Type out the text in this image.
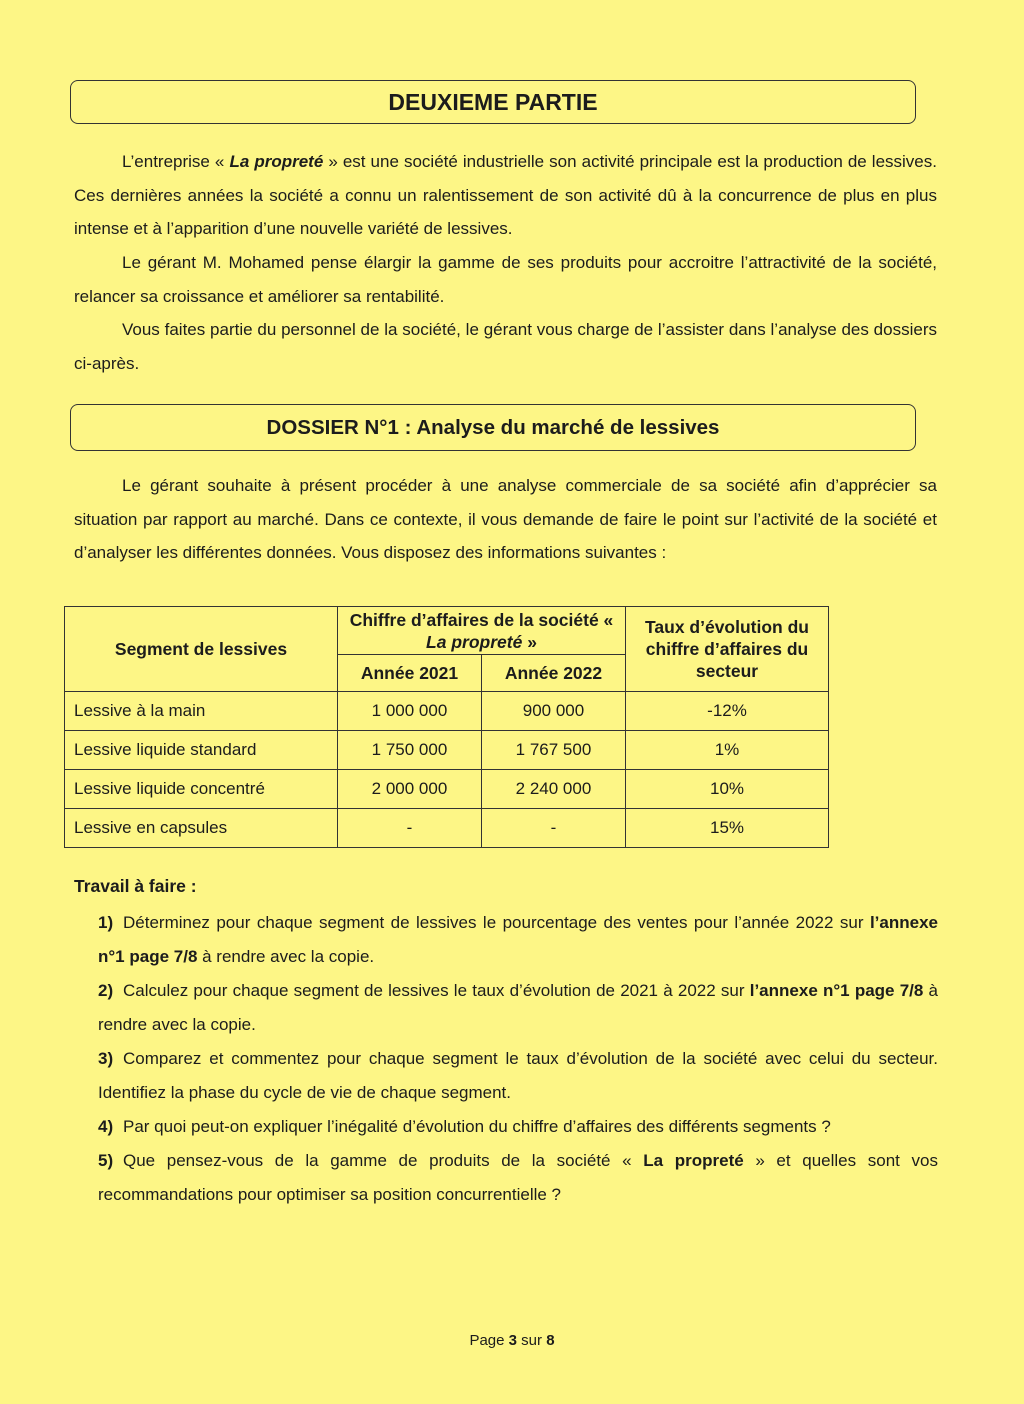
DEUXIEME PARTIE

L’entreprise « La propreté » est une société industrielle son activité principale est la production de lessives. Ces dernières années la société a connu un ralentissement de son activité dû à la concurrence de plus en plus intense et à l’apparition d’une nouvelle variété de lessives.

Le gérant M. Mohamed pense élargir la gamme de ses produits pour accroitre l’attractivité de la société, relancer sa croissance et améliorer sa rentabilité.

Vous faites partie du personnel de la société, le gérant vous charge de l’assister dans l’analyse des dossiers ci-après.

DOSSIER N°1 : Analyse du marché de lessives

Le gérant souhaite à présent procéder à une analyse commerciale de sa société afin d’apprécier sa situation par rapport au marché. Dans ce contexte, il vous demande de faire le point sur l’activité de la société et d’analyser les différentes données. Vous disposez des informations suivantes :

Segment de lessives	Chiffre d’affaires de la société « La propreté »		Taux d’évolution du chiffre d’affaires du secteur
	Année 2021	Année 2022	
Lessive à la main	1 000 000	900 000	-12%
Lessive liquide standard	1 750 000	1 767 500	1%
Lessive liquide concentré	2 000 000	2 240 000	10%
Lessive en capsules	-	-	15%
Travail à faire :

1) Déterminez pour chaque segment de lessives le pourcentage des ventes pour l’année 2022 sur l’annexe n°1 page 7/8 à rendre avec la copie.

2) Calculez pour chaque segment de lessives le taux d’évolution de 2021 à 2022 sur l’annexe n°1 page 7/8 à rendre avec la copie.

3) Comparez et commentez pour chaque segment le taux d’évolution de la société avec celui du secteur. Identifiez la phase du cycle de vie de chaque segment.

4) Par quoi peut-on expliquer l’inégalité d’évolution du chiffre d’affaires des différents segments ?

5) Que pensez-vous de la gamme de produits de la société « La propreté » et quelles sont vos recommandations pour optimiser sa position concurrentielle ?

Page 3 sur 8
